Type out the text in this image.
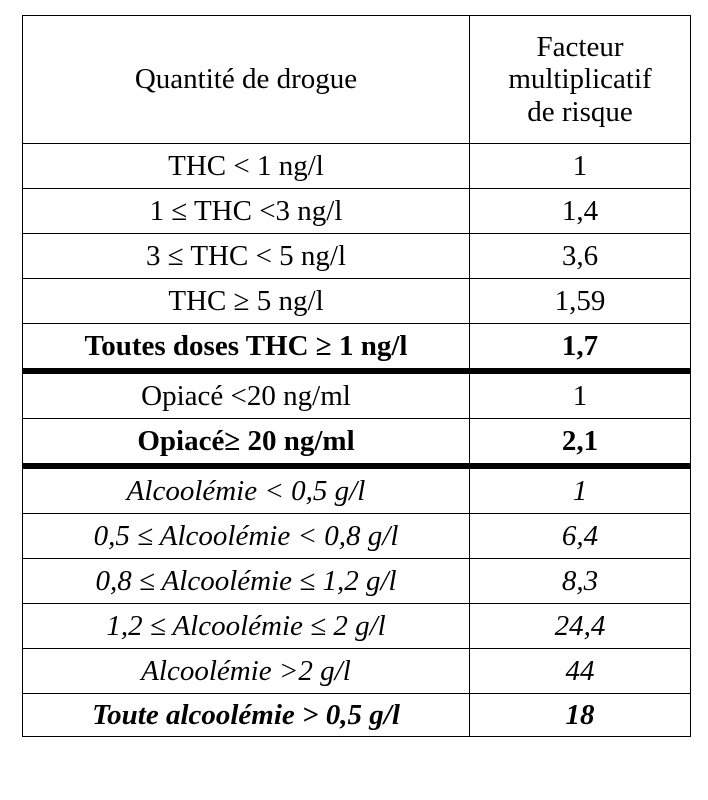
Quantité de drogue	Facteur
multiplicatif
de risque

THC < 1 ng/l	1
1 ≤ THC <3 ng/l	1,4
3 ≤ THC < 5 ng/l	3,6
THC ≥ 5 ng/l	1,59
Toutes doses THC ≥ 1 ng/l	1,7
Opiacé <20 ng/ml	1
Opiacé≥ 20 ng/ml	2,1
Alcoolémie < 0,5 g/l	1
0,5 ≤ Alcoolémie < 0,8 g/l	6,4
0,8 ≤ Alcoolémie ≤ 1,2 g/l	8,3
1,2 ≤ Alcoolémie ≤ 2 g/l	24,4
Alcoolémie >2 g/l	44
Toute alcoolémie > 0,5 g/l	18
